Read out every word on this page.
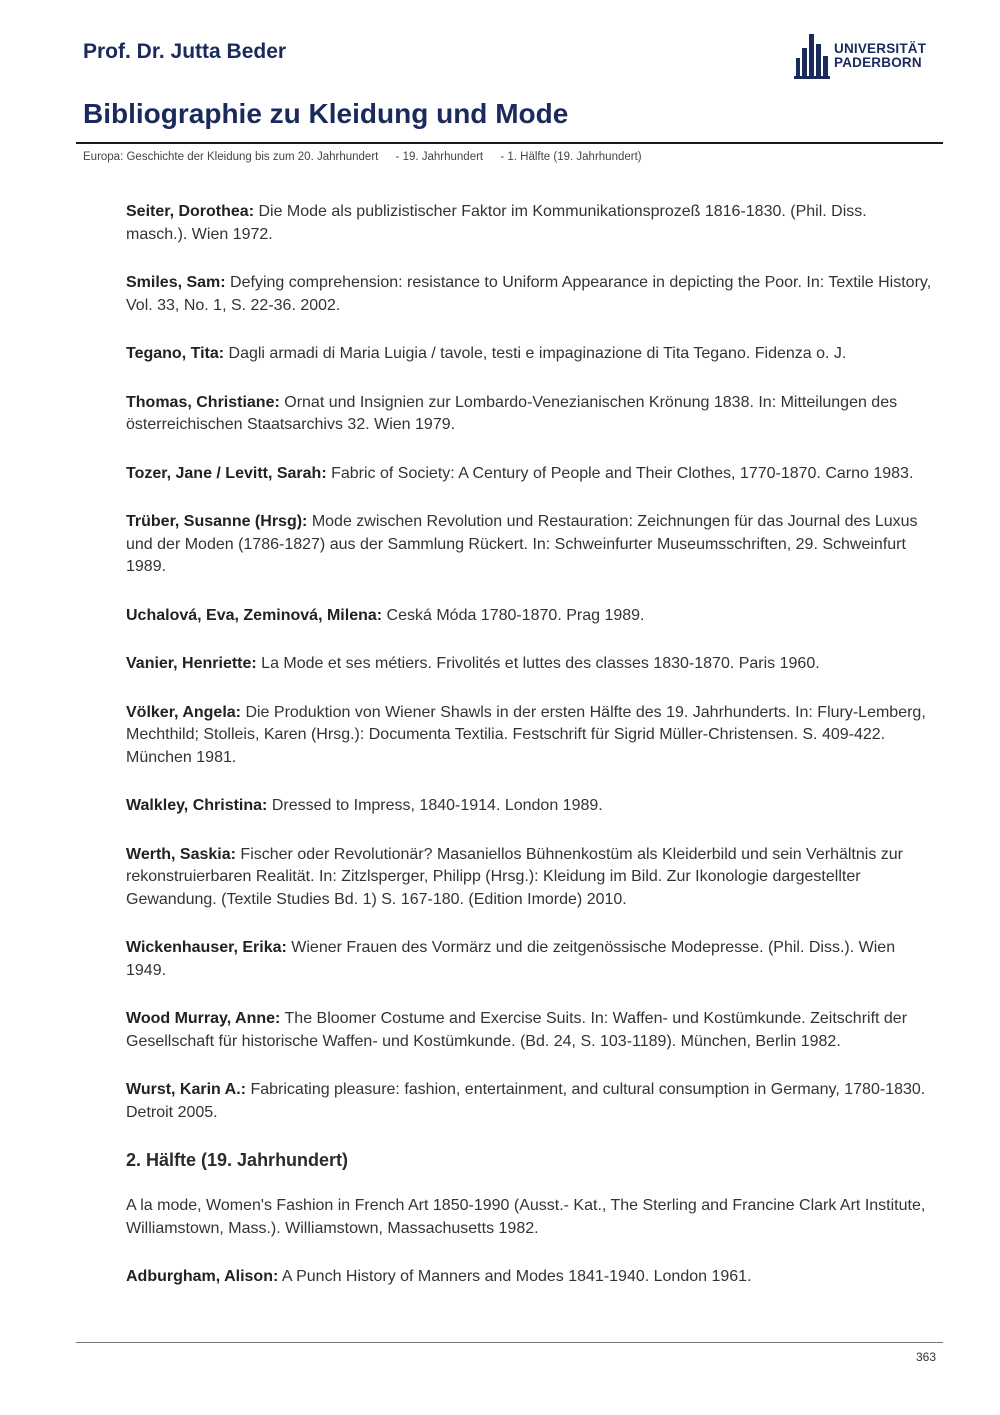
Prof. Dr. Jutta Beder	UNIVERSITÄT
PADERBORN
Bibliographie zu Kleidung und Mode
Europa: Geschichte der Kleidung bis zum 20. Jahrhundert - 19. Jahrhundert - 1. Hälfte (19. Jahrhundert)

Seiter, Dorothea: Die Mode als publizistischer Faktor im Kommunikationsprozeß 1816-1830. (Phil. Diss. masch.). Wien 1972.

Smiles, Sam: Defying comprehension: resistance to Uniform Appearance in depicting the Poor. In: Textile History, Vol. 33, No. 1, S. 22-36. 2002.

Tegano, Tita: Dagli armadi di Maria Luigia / tavole, testi e impaginazione di Tita Tegano. Fidenza o. J.

Thomas, Christiane: Ornat und Insignien zur Lombardo-Venezianischen Krönung 1838. In: Mitteilungen des österreichischen Staatsarchivs 32. Wien 1979.

Tozer, Jane / Levitt, Sarah: Fabric of Society: A Century of People and Their Clothes, 1770-1870. Carno 1983.

Trüber, Susanne (Hrsg): Mode zwischen Revolution und Restauration: Zeichnungen für das Journal des Luxus und der Moden (1786-1827) aus der Sammlung Rückert. In: Schweinfurter Museumsschriften, 29. Schweinfurt 1989.

Uchalová, Eva, Zeminová, Milena: Ceská Móda 1780-1870. Prag 1989.

Vanier, Henriette: La Mode et ses métiers. Frivolités et luttes des classes 1830-1870. Paris 1960.

Völker, Angela: Die Produktion von Wiener Shawls in der ersten Hälfte des 19. Jahrhunderts. In: Flury-Lemberg, Mechthild; Stolleis, Karen (Hrsg.): Documenta Textilia. Festschrift für Sigrid Müller-Christensen. S. 409-422. München 1981.

Walkley, Christina: Dressed to Impress, 1840-1914. London 1989.

Werth, Saskia: Fischer oder Revolutionär? Masaniellos Bühnenkostüm als Kleiderbild und sein Verhältnis zur rekonstruierbaren Realität. In: Zitzlsperger, Philipp (Hrsg.): Kleidung im Bild. Zur Ikonologie dargestellter Gewandung. (Textile Studies Bd. 1) S. 167-180. (Edition Imorde) 2010.

Wickenhauser, Erika: Wiener Frauen des Vormärz und die zeitgenössische Modepresse. (Phil. Diss.). Wien 1949.

Wood Murray, Anne: The Bloomer Costume and Exercise Suits. In: Waffen- und Kostümkunde. Zeitschrift der Gesellschaft für historische Waffen- und Kostümkunde. (Bd. 24, S. 103-1189). München, Berlin 1982.

Wurst, Karin A.: Fabricating pleasure: fashion, entertainment, and cultural consumption in Germany, 1780-1830. Detroit 2005.

2. Hälfte (19. Jahrhundert)

A la mode, Women's Fashion in French Art 1850-1990 (Ausst.- Kat., The Sterling and Francine Clark Art Institute, Williamstown, Mass.). Williamstown, Massachusetts 1982.

Adburgham, Alison: A Punch History of Manners and Modes 1841-1940. London 1961.

363
